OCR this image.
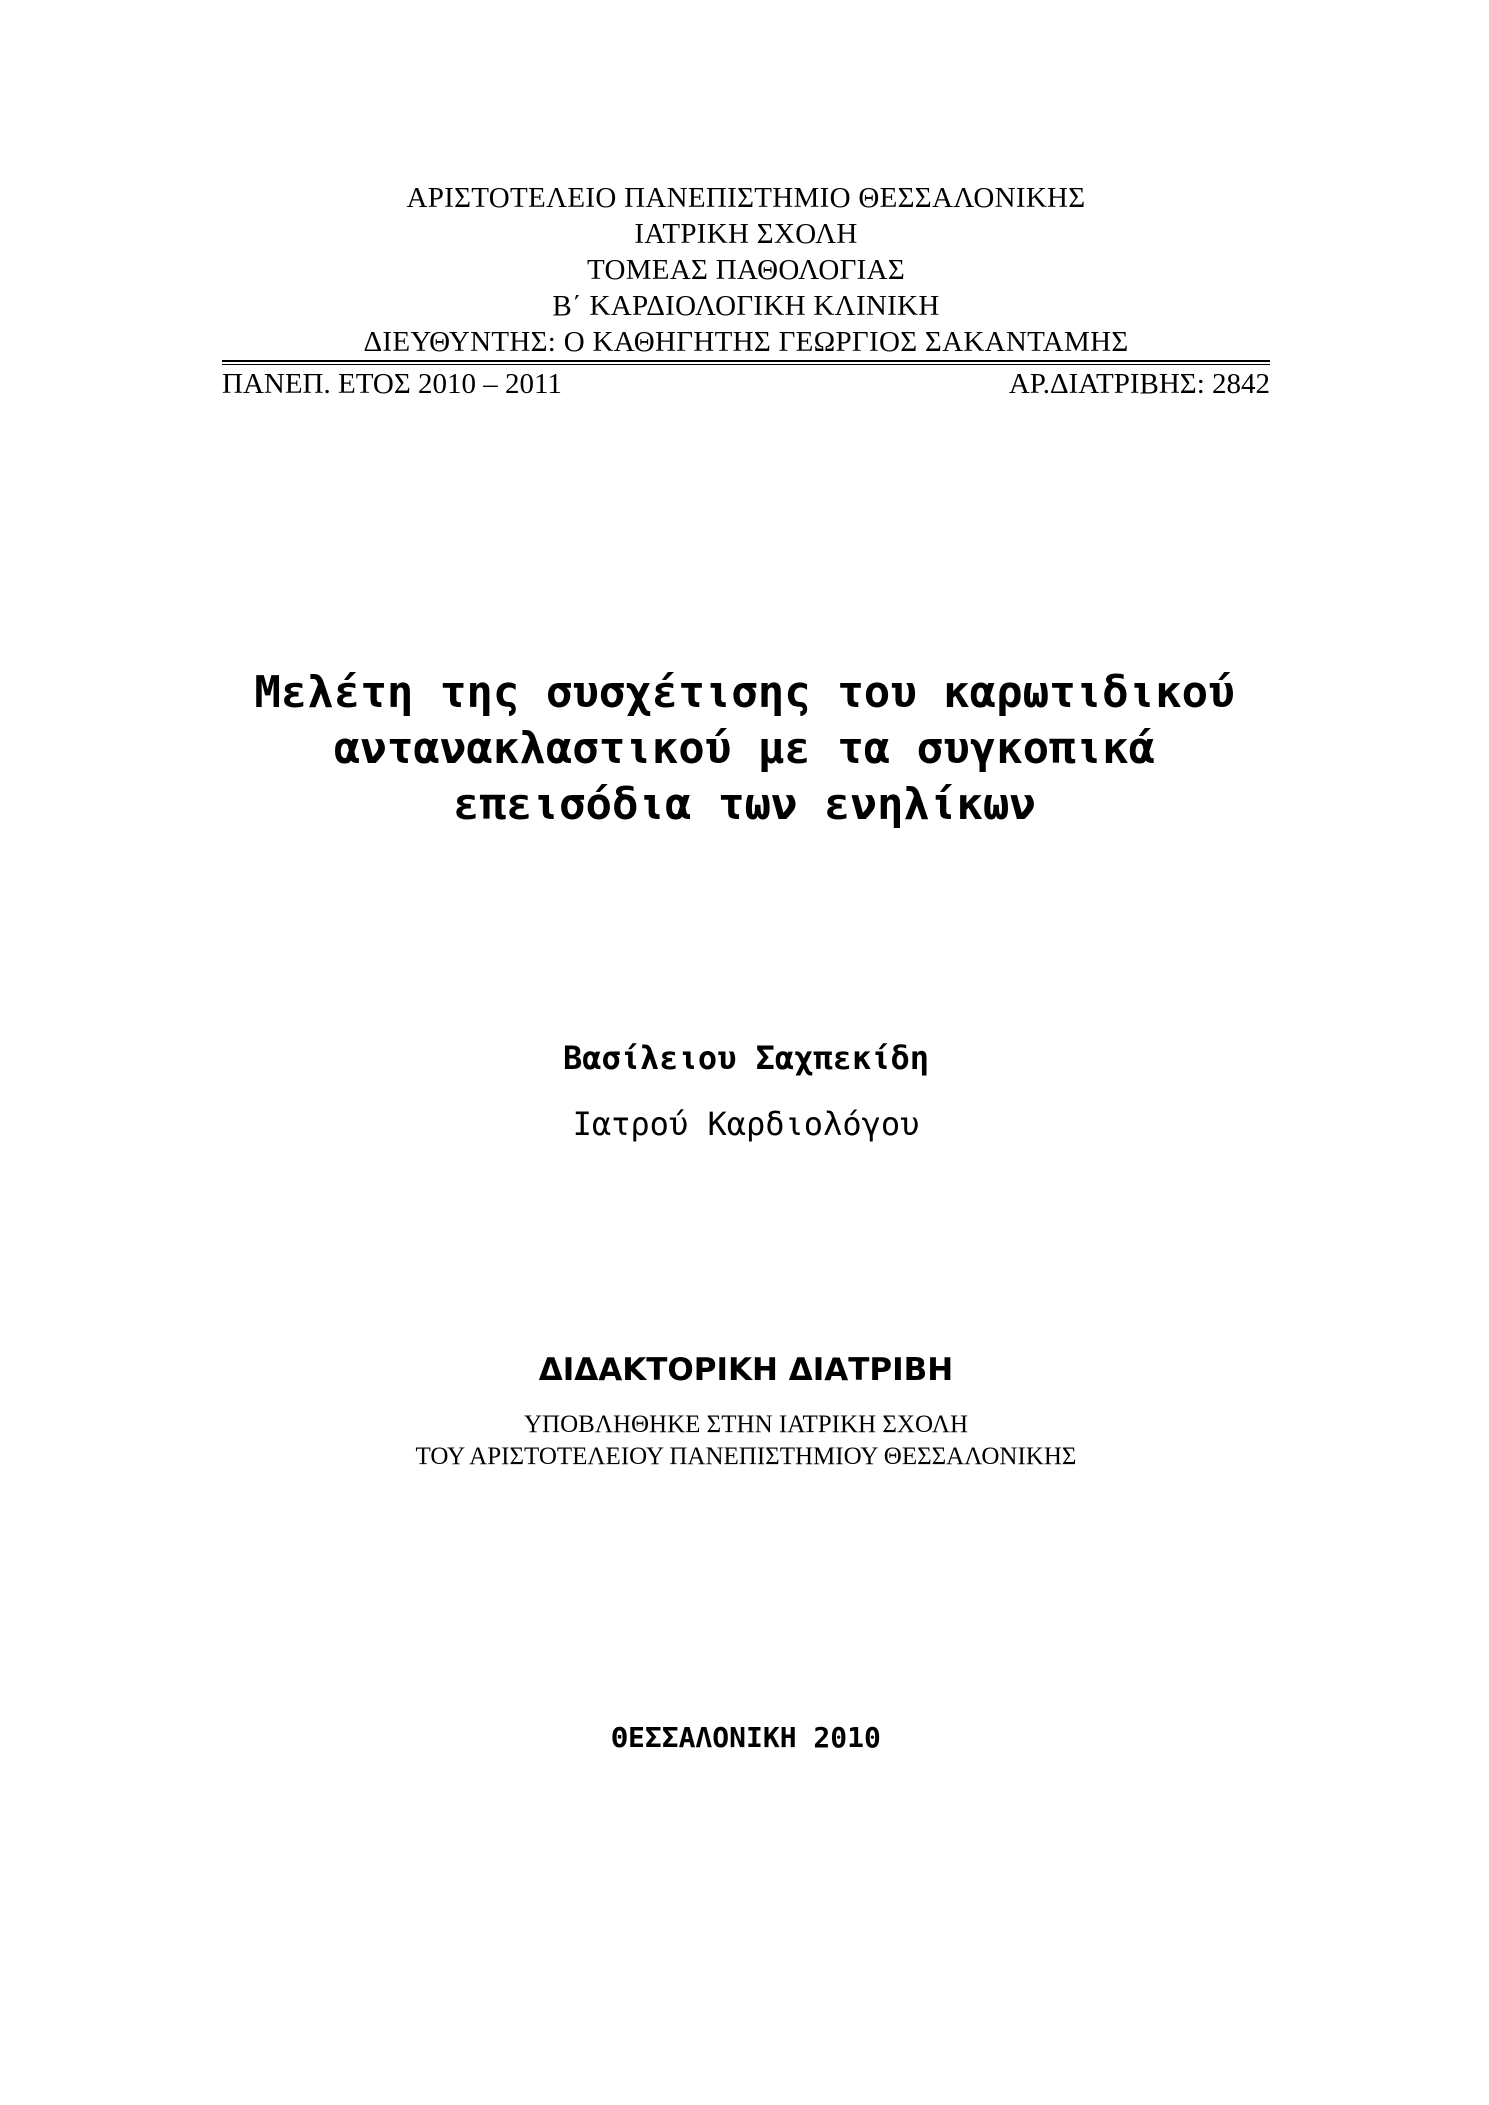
ΑΡΙΣΤΟΤΕΛΕΙΟ ΠΑΝΕΠΙΣΤΗΜΙΟ ΘΕΣΣΑΛΟΝΙΚΗΣ
ΙΑΤΡΙΚΗ ΣΧΟΛΗ
ΤΟΜΕΑΣ ΠΑΘΟΛΟΓΙΑΣ
Β΄ ΚΑΡΔΙΟΛΟΓΙΚΗ ΚΛΙΝΙΚΗ
ΔΙΕΥΘΥΝΤΗΣ: Ο ΚΑΘΗΓΗΤΗΣ ΓΕΩΡΓΙΟΣ ΣΑΚΑΝΤΑΜΗΣ
ΠΑΝΕΠ. ΕΤΟΣ 2010 – 2011	ΑΡ.ΔΙΑΤΡΙΒΗΣ: 2842
Μελέτη της συσχέτισης του καρωτιδικού
αντανακλαστικού με τα συγκοπικά
επεισόδια των ενηλίκων
Βασίλειου Σαχπεκίδη
Ιατρού Καρδιολόγου
ΔΙΔΑΚΤΟΡΙΚΗ ΔΙΑΤΡΙΒΗ
ΥΠΟΒΛΗΘΗΚΕ ΣΤΗΝ ΙΑΤΡΙΚΗ ΣΧΟΛΗ
ΤΟΥ ΑΡΙΣΤΟΤΕΛΕΙΟΥ ΠΑΝΕΠΙΣΤΗΜΙΟΥ ΘΕΣΣΑΛΟΝΙΚΗΣ
ΘΕΣΣΑΛΟΝΙΚΗ 2010
